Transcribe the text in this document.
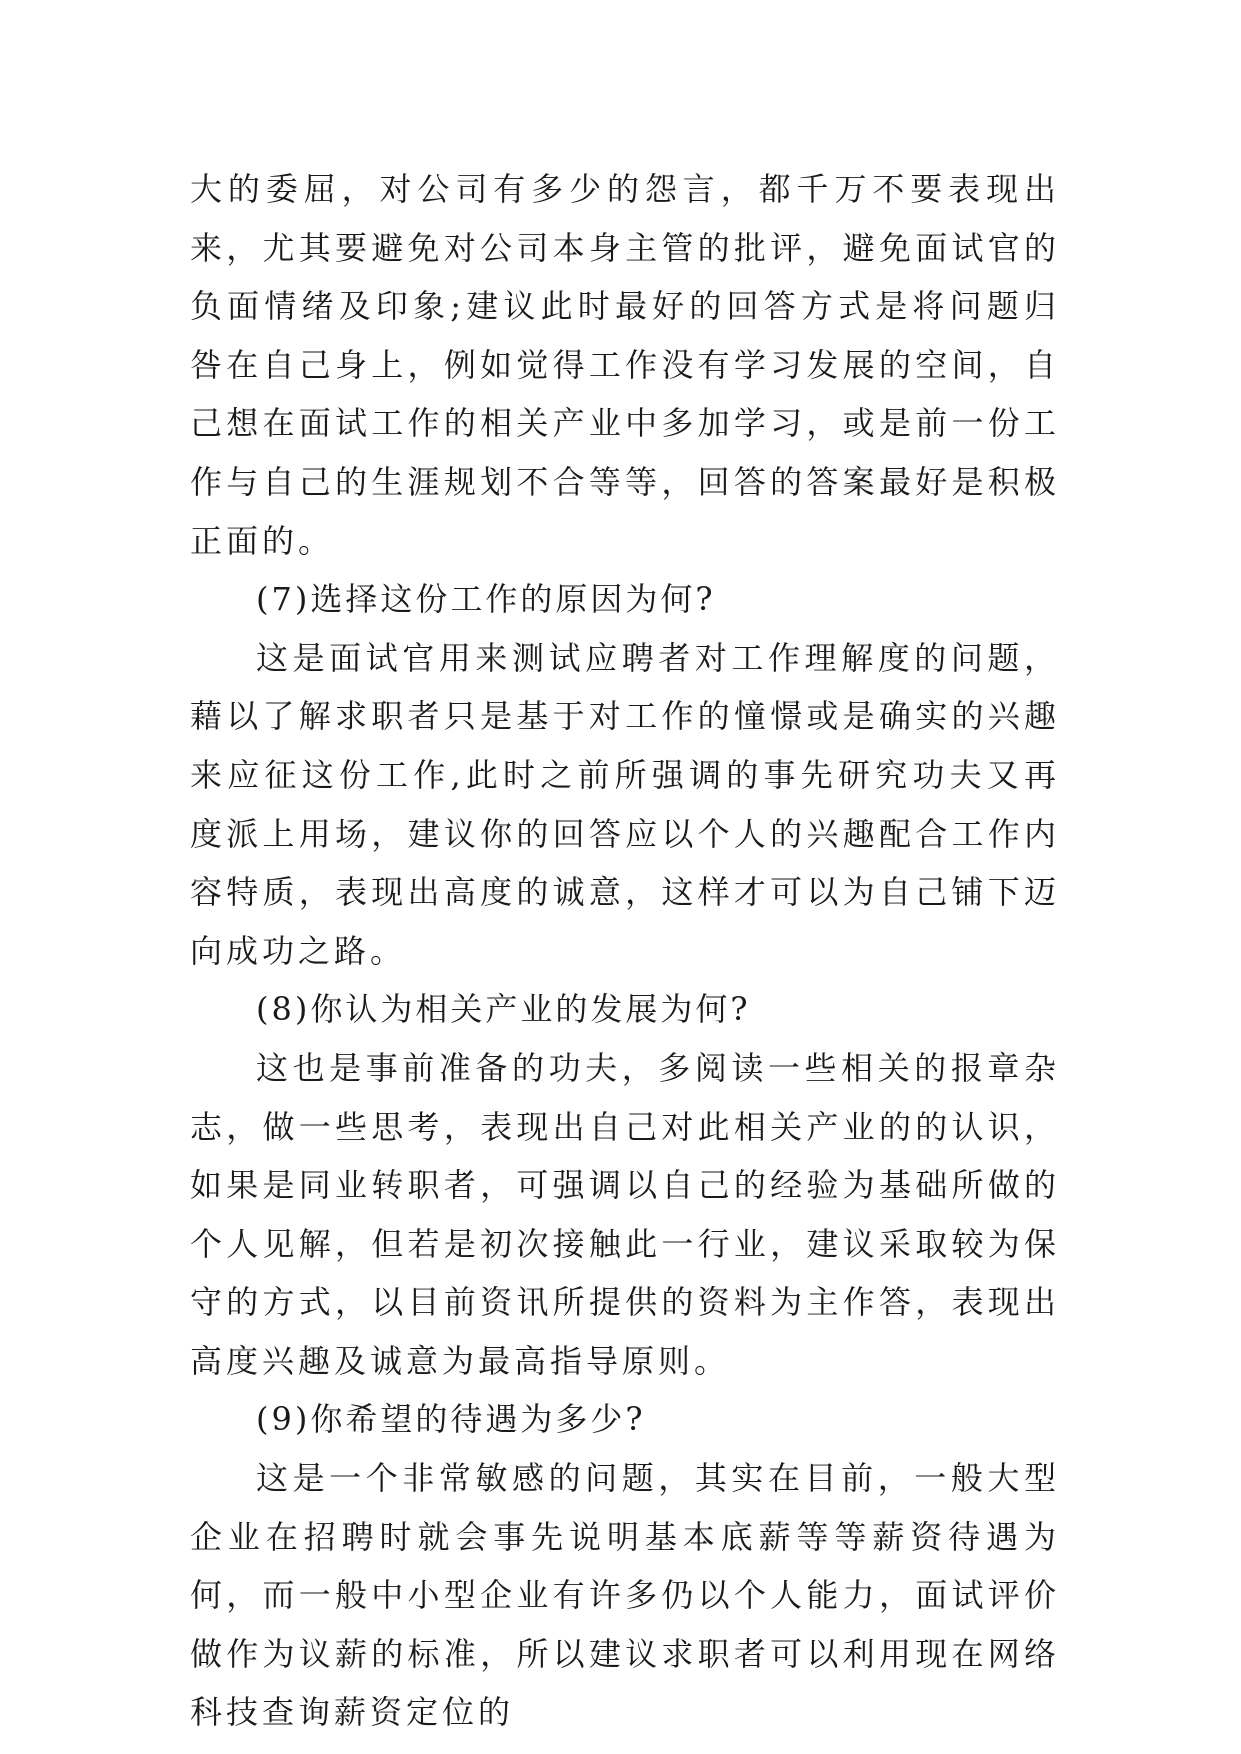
大的委屈，对公司有多少的怨言，都千万不要表现出来，尤其要避免对公司本身主管的批评，避免面试官的负面情绪及印象;建议此时最好的回答方式是将问题归咎在自己身上，例如觉得工作没有学习发展的空间，自己想在面试工作的相关产业中多加学习，或是前一份工作与自己的生涯规划不合等等，回答的答案最好是积极正面的。

(7)选择这份工作的原因为何?

这是面试官用来测试应聘者对工作理解度的问题，藉以了解求职者只是基于对工作的憧憬或是确实的兴趣来应征这份工作,此时之前所强调的事先研究功夫又再度派上用场，建议你的回答应以个人的兴趣配合工作内容特质，表现出高度的诚意，这样才可以为自己铺下迈向成功之路。

(8)你认为相关产业的发展为何?

这也是事前准备的功夫，多阅读一些相关的报章杂志，做一些思考，表现出自己对此相关产业的的认识，如果是同业转职者，可强调以自己的经验为基础所做的个人见解，但若是初次接触此一行业，建议采取较为保守的方式，以目前资讯所提供的资料为主作答，表现出高度兴趣及诚意为最高指导原则。

(9)你希望的待遇为多少?

这是一个非常敏感的问题，其实在目前，一般大型企业在招聘时就会事先说明基本底薪等等薪资待遇为何，而一般中小型企业有许多仍以个人能力，面试评价做作为议薪的标准，所以建议求职者可以利用现在网络科技查询薪资定位的
